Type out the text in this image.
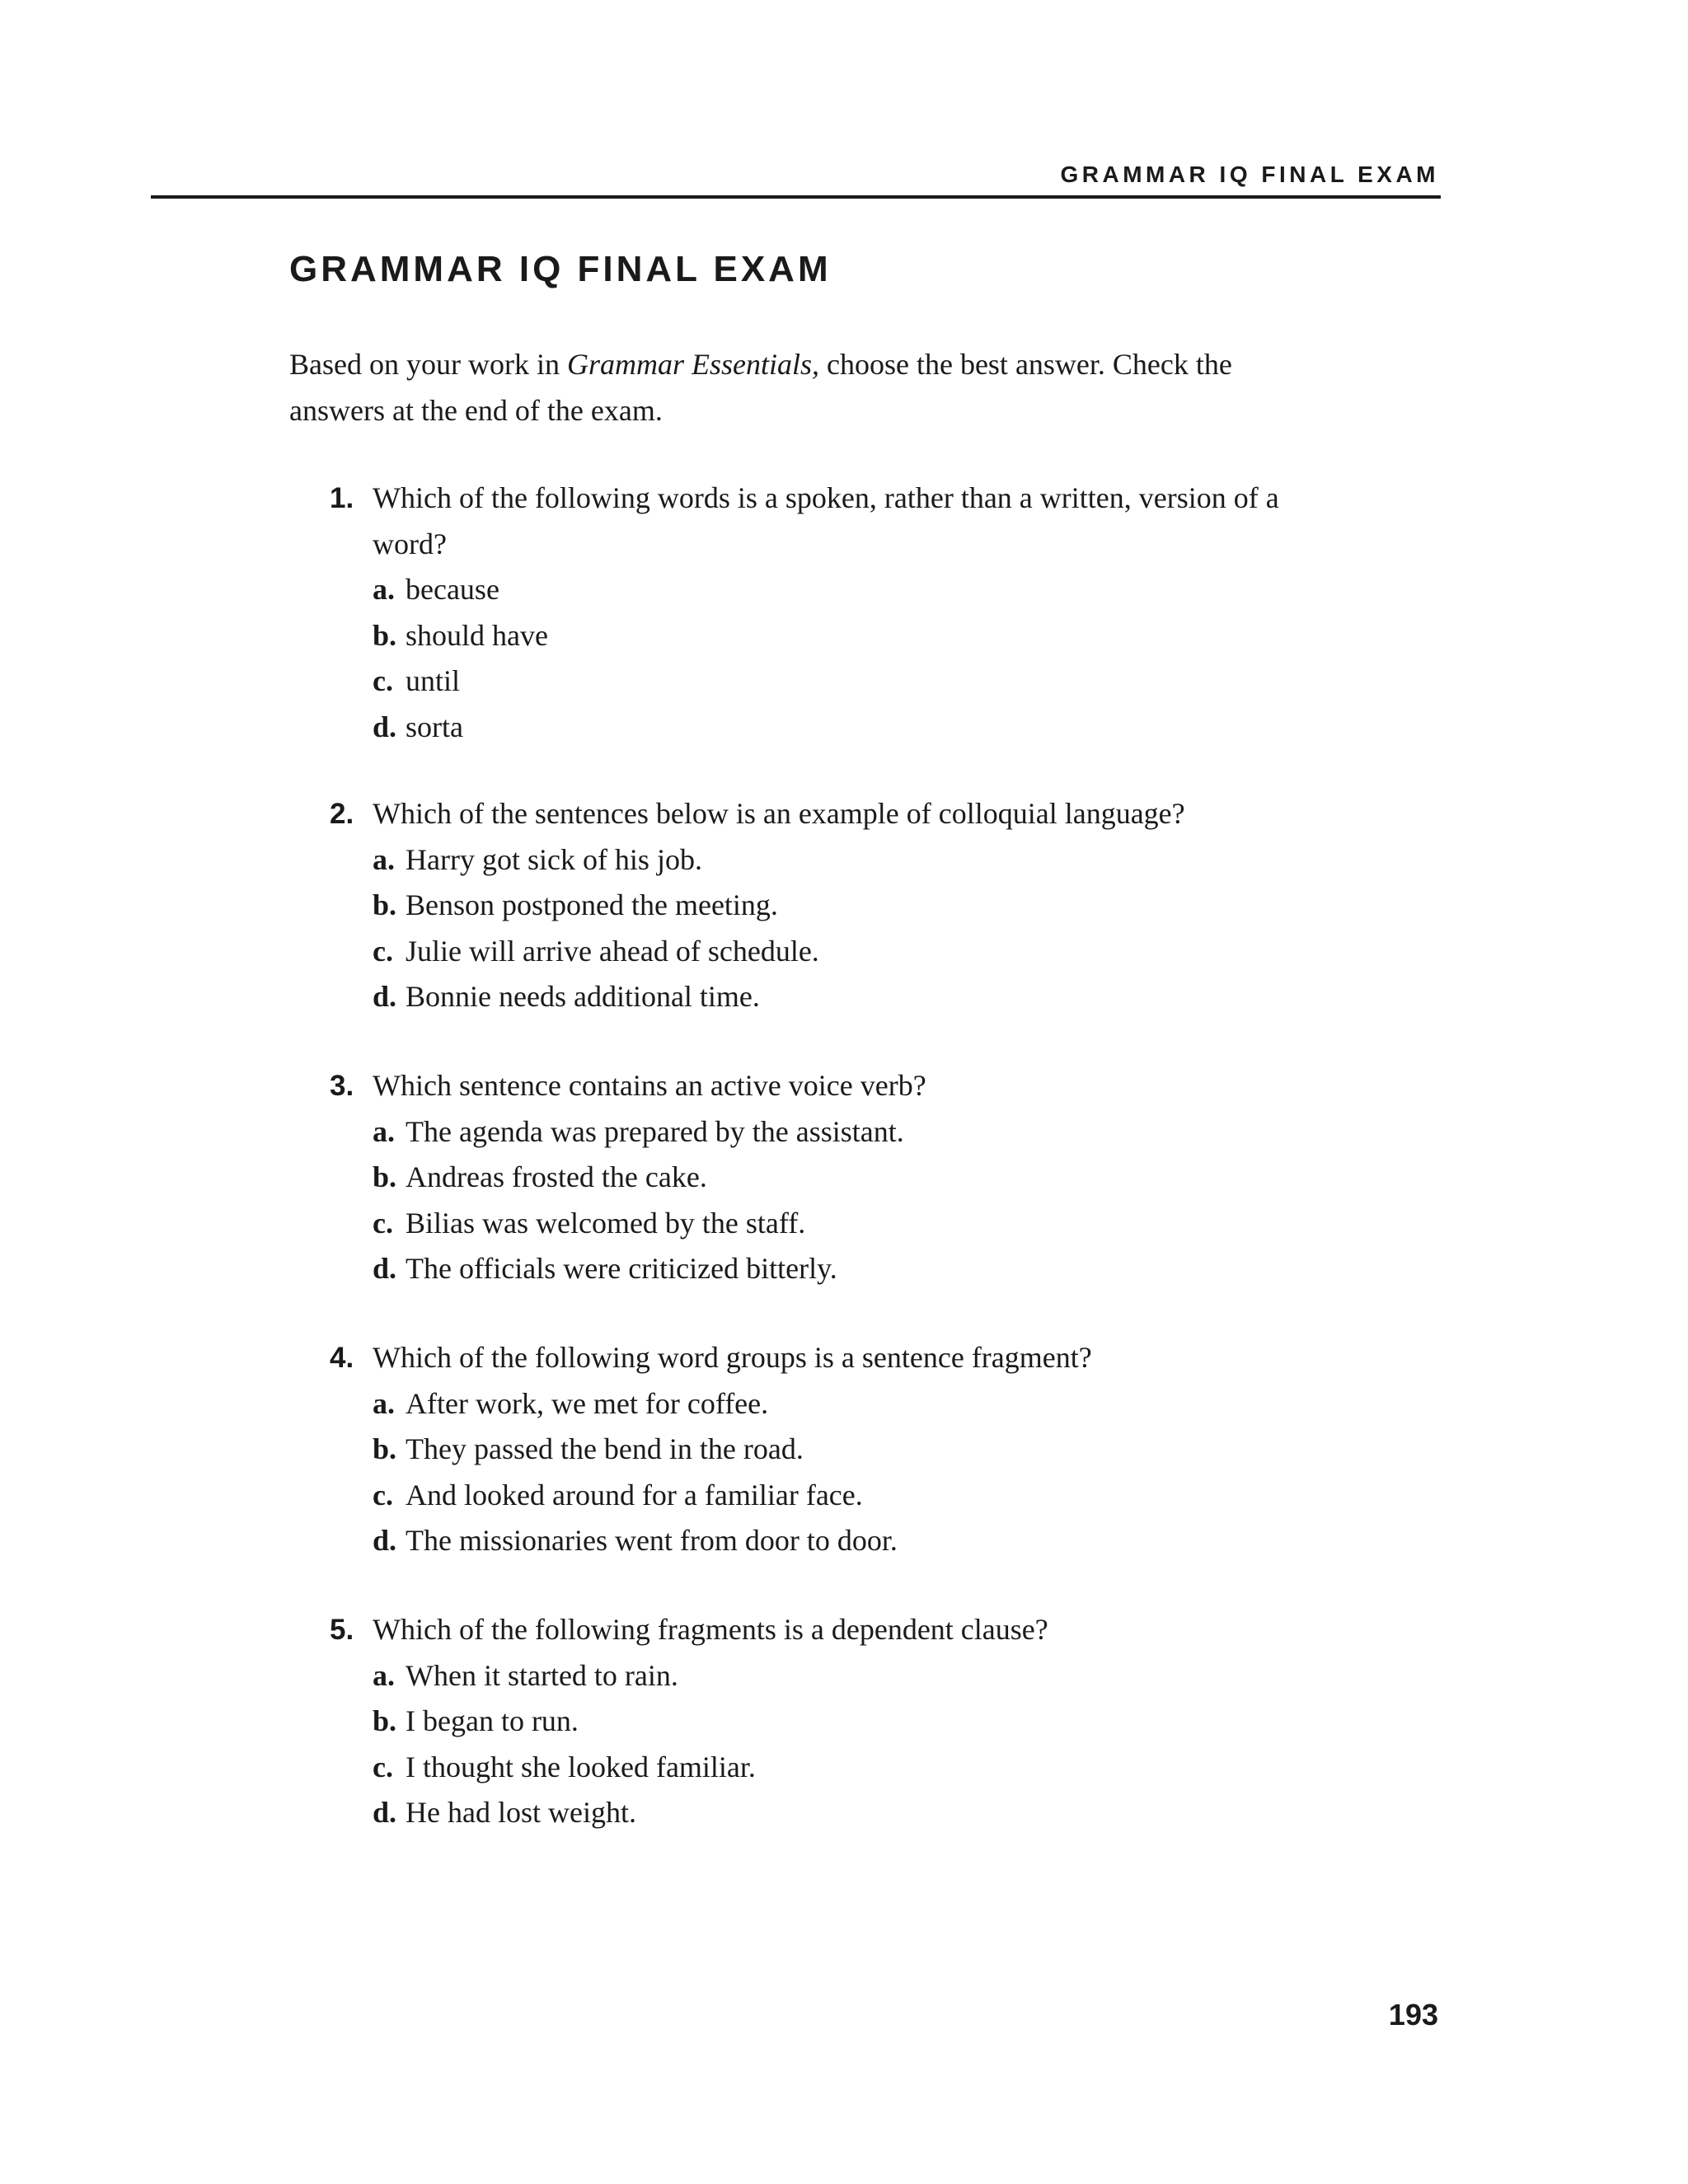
GRAMMAR IQ FINAL EXAM
GRAMMAR IQ FINAL EXAM
Based on your work in Grammar Essentials, choose the best answer. Check the answers at the end of the exam.
1. Which of the following words is a spoken, rather than a written, version of a word?
a. because
b. should have
c. until
d. sorta
2. Which of the sentences below is an example of colloquial language?
a. Harry got sick of his job.
b. Benson postponed the meeting.
c. Julie will arrive ahead of schedule.
d. Bonnie needs additional time.
3. Which sentence contains an active voice verb?
a. The agenda was prepared by the assistant.
b. Andreas frosted the cake.
c. Bilias was welcomed by the staff.
d. The officials were criticized bitterly.
4. Which of the following word groups is a sentence fragment?
a. After work, we met for coffee.
b. They passed the bend in the road.
c. And looked around for a familiar face.
d. The missionaries went from door to door.
5. Which of the following fragments is a dependent clause?
a. When it started to rain.
b. I began to run.
c. I thought she looked familiar.
d. He had lost weight.
193
